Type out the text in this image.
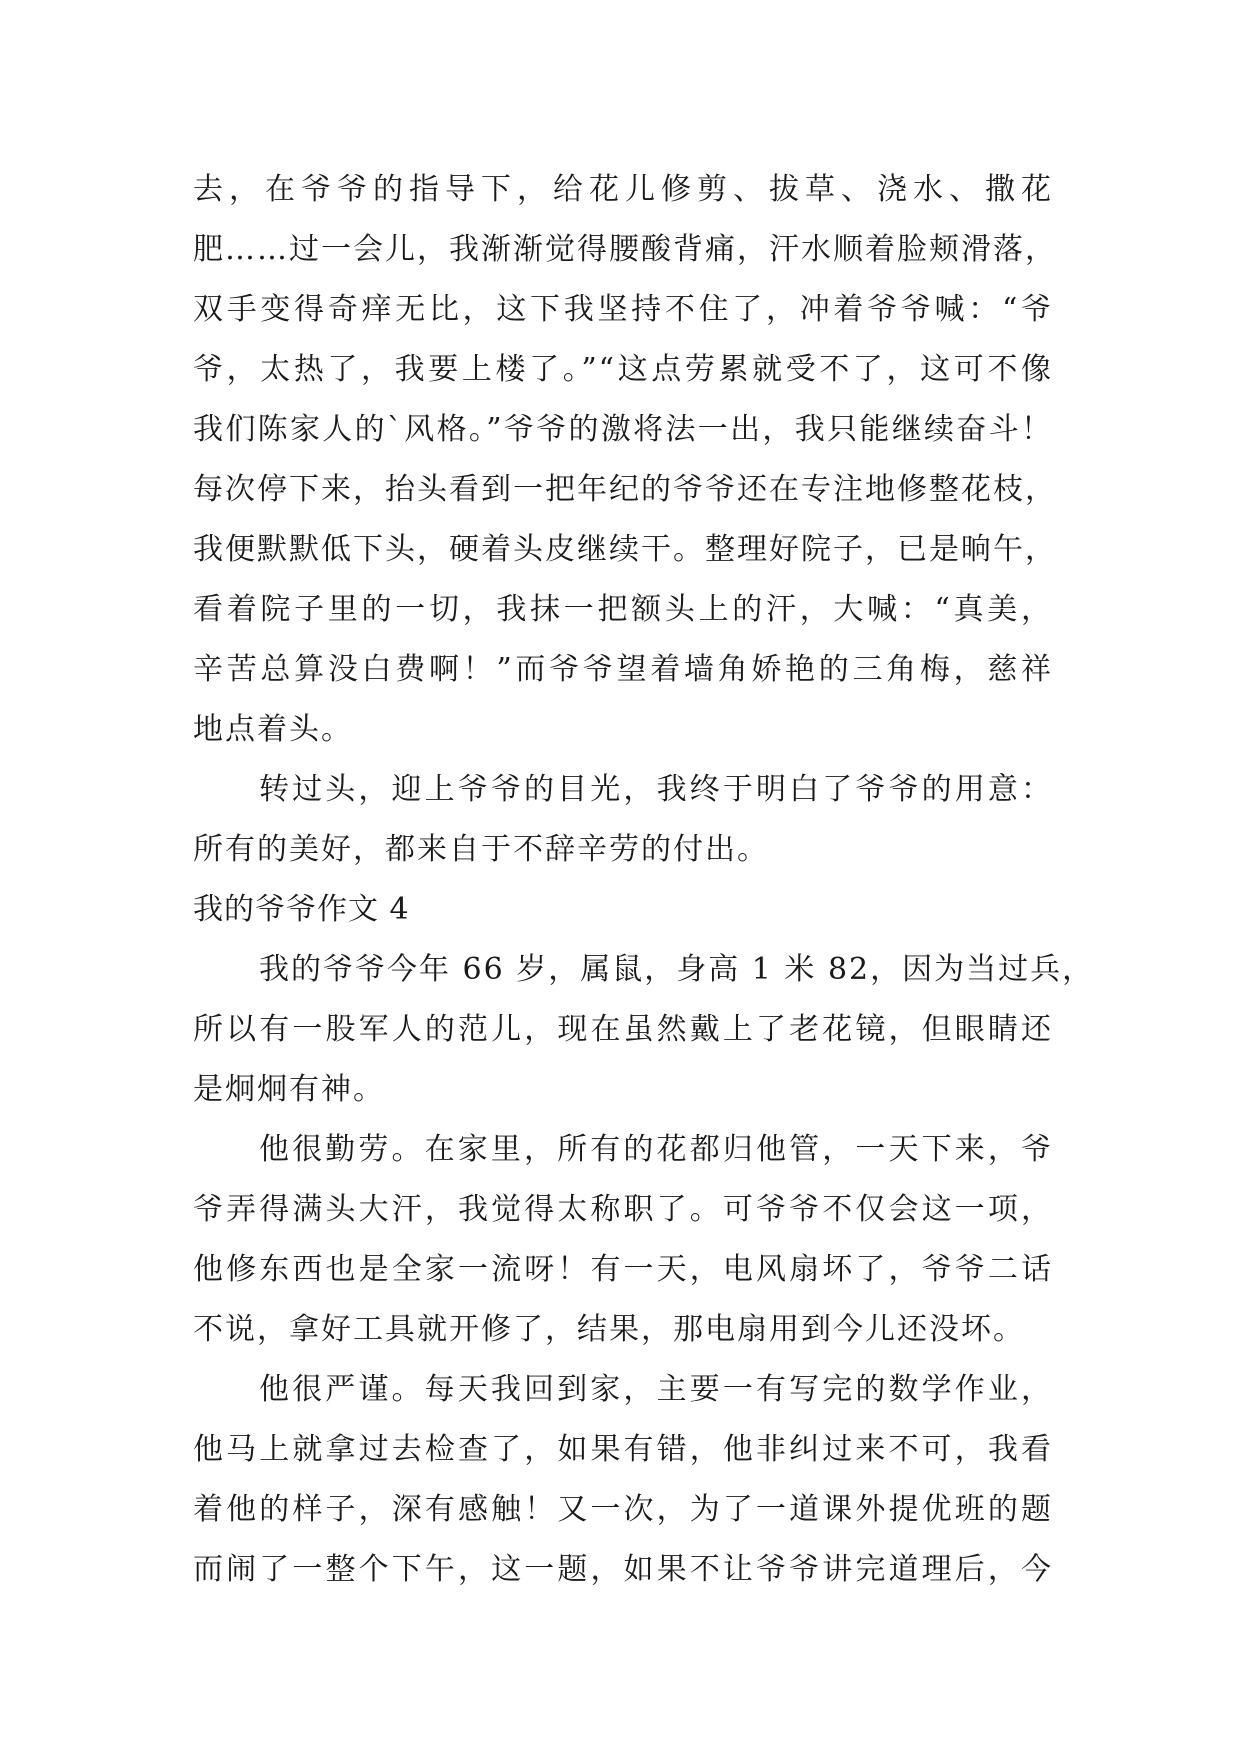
去，在爷爷的指导下，给花儿修剪、拔草、浇水、撒花
肥……过一会儿，我渐渐觉得腰酸背痛，汗水顺着脸颊滑落，
双手变得奇痒无比，这下我坚持不住了，冲着爷爷喊：“爷
爷，太热了，我要上楼了。”“这点劳累就受不了，这可不像
我们陈家人的`风格。”爷爷的激将法一出，我只能继续奋斗！
每次停下来，抬头看到一把年纪的爷爷还在专注地修整花枝，
我便默默低下头，硬着头皮继续干。整理好院子，已是晌午，
看着院子里的一切，我抹一把额头上的汗，大喊：“真美，
辛苦总算没白费啊！”而爷爷望着墙角娇艳的三角梅，慈祥
地点着头。
转过头，迎上爷爷的目光，我终于明白了爷爷的用意：
所有的美好，都来自于不辞辛劳的付出。
我的爷爷作文 4
我的爷爷今年 66 岁，属鼠，身高 1 米 82，因为当过兵，
所以有一股军人的范儿，现在虽然戴上了老花镜，但眼睛还
是炯炯有神。
他很勤劳。在家里，所有的花都归他管，一天下来，爷
爷弄得满头大汗，我觉得太称职了。可爷爷不仅会这一项，
他修东西也是全家一流呀！有一天，电风扇坏了，爷爷二话
不说，拿好工具就开修了，结果，那电扇用到今儿还没坏。
他很严谨。每天我回到家，主要一有写完的数学作业，
他马上就拿过去检查了，如果有错，他非纠过来不可，我看
着他的样子，深有感触！又一次，为了一道课外提优班的题
而闹了一整个下午，这一题，如果不让爷爷讲完道理后，今
